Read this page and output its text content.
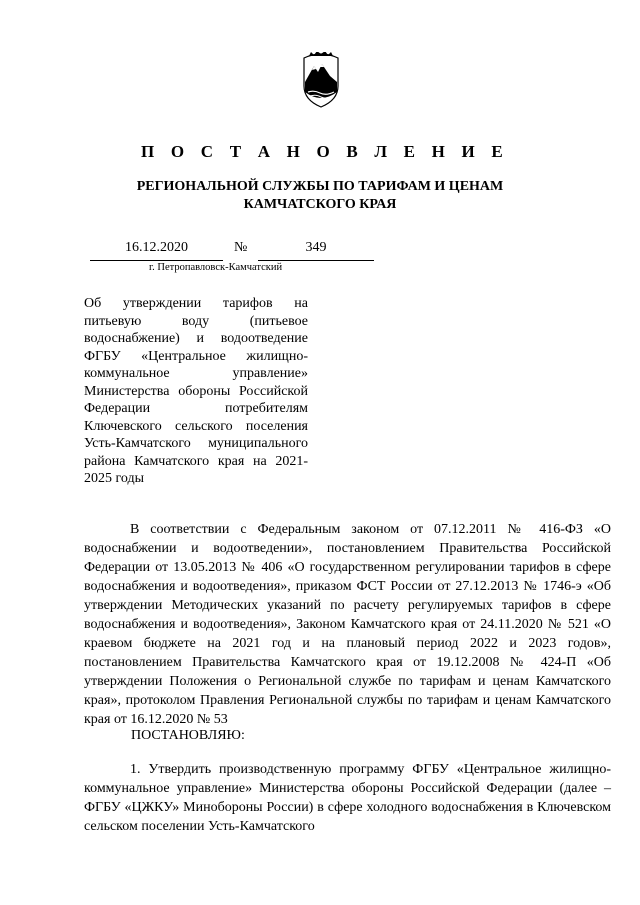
П О С Т А Н О В Л Е Н И Е
РЕГИОНАЛЬНОЙ СЛУЖБЫ ПО ТАРИФАМ И ЦЕНАМ
КАМЧАТСКОГО КРАЯ
16.12.2020	№	349
г. Петропавловск-Камчатский
Об утверждении тарифов на питьевую воду (питьевое водоснабжение) и водоотведение ФГБУ «Центральное жилищно-коммунальное управление» Министерства обороны Российской Федерации потребителям Ключевского сельского поселения Усть-Камчатского муниципального района Камчатского края на 2021-2025 годы
В соответствии с Федеральным законом от 07.12.2011 № 416-ФЗ «О водоснабжении и водоотведении», постановлением Правительства Российской Федерации от 13.05.2013 № 406 «О государственном регулировании тарифов в сфере водоснабжения и водоотведения», приказом ФСТ России от 27.12.2013 № 1746-э «Об утверждении Методических указаний по расчету регулируемых тарифов в сфере водоснабжения и водоотведения», Законом Камчатского края от 24.11.2020 № 521 «О краевом бюджете на 2021 год и на плановый период 2022 и 2023 годов», постановлением Правительства Камчатского края от 19.12.2008 № 424-П «Об утверждении Положения о Региональной службе по тарифам и ценам Камчатского края», протоколом Правления Региональной службы по тарифам и ценам Камчатского края от 16.12.2020 № 53
ПОСТАНОВЛЯЮ:
1. Утвердить производственную программу ФГБУ «Центральное жилищно-коммунальное управление» Министерства обороны Российской Федерации (далее – ФГБУ «ЦЖКУ» Минобороны России) в сфере холодного водоснабжения в Ключевском сельском поселении Усть-Камчатского
